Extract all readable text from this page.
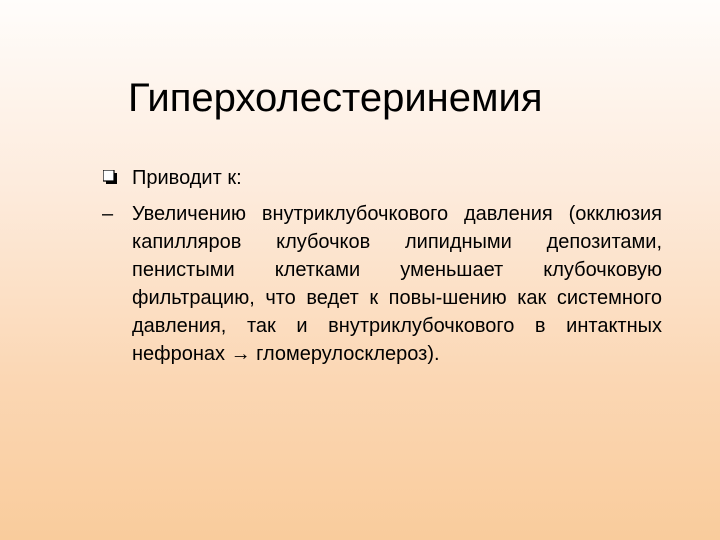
Гиперхолестеринемия
Приводит к:
– Увеличению внутриклубочкового давления (окклюзия капилляров клубочков липидными депозитами, пенистыми клетками уменьшает клубочковую фильтрацию, что ведет к повы-шению как системного давления, так и внутриклубочкового в интактных нефронах → гломерулосклероз).
